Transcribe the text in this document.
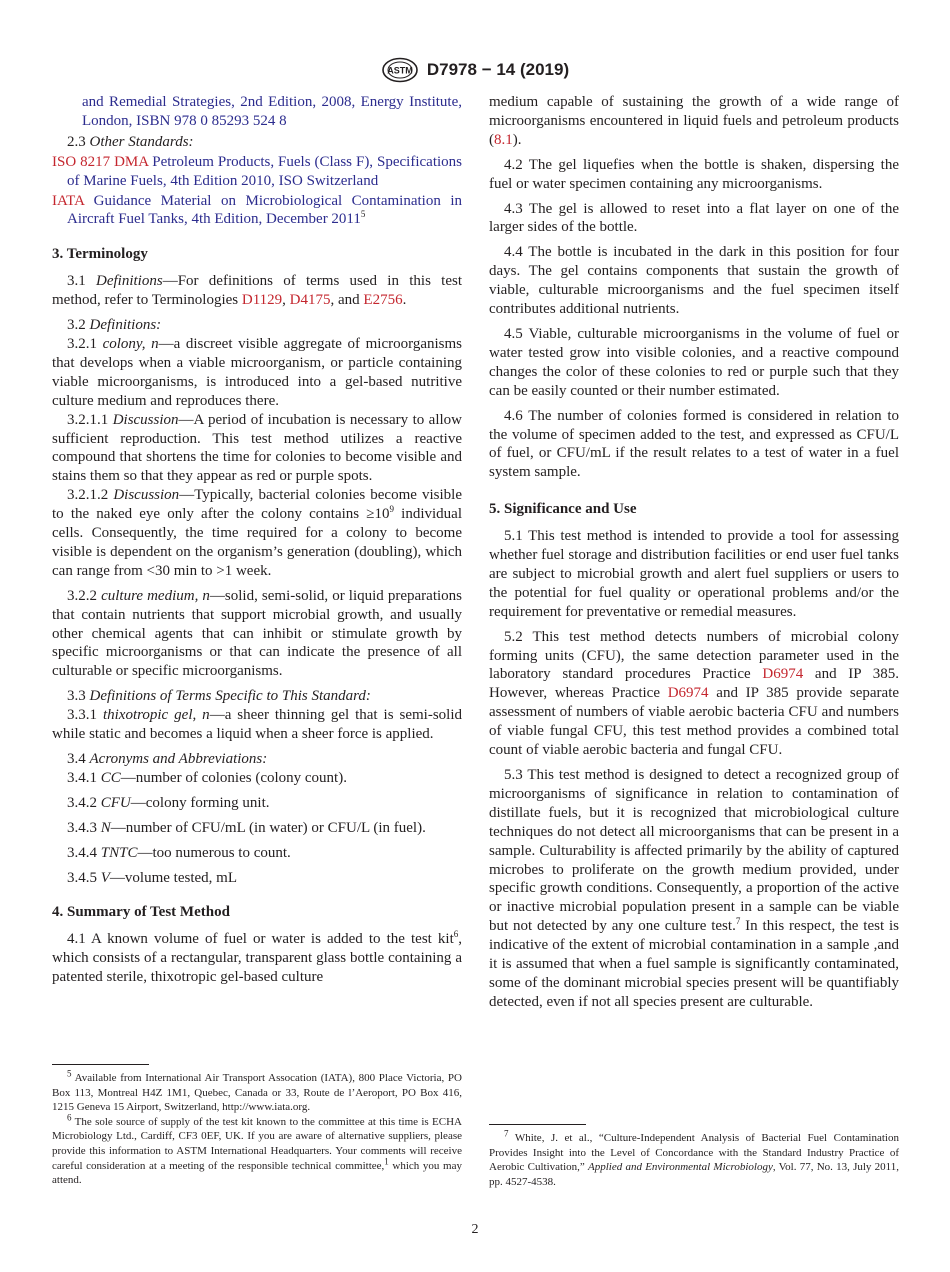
ASTM D7978 − 14 (2019)

and Remedial Strategies, 2nd Edition, 2008, Energy Institute, London, ISBN 978 0 85293 524 8

2.3 Other Standards:

ISO 8217 DMA Petroleum Products, Fuels (Class F), Specifications of Marine Fuels, 4th Edition 2010, ISO Switzerland

IATA Guidance Material on Microbiological Contamination in Aircraft Fuel Tanks, 4th Edition, December 2011$^5$

3. Terminology

3.1 Definitions—For definitions of terms used in this test method, refer to Terminologies D1129, D4175, and E2756.

3.2 Definitions:

3.2.1 colony, n—a discreet visible aggregate of microorganisms that develops when a viable microorganism, or particle containing viable microorganisms, is introduced into a gel-based nutritive culture medium and reproduces there.

3.2.1.1 Discussion—A period of incubation is necessary to allow sufficient reproduction. This test method utilizes a reactive compound that shortens the time for colonies to become visible and stains them so that they appear as red or purple spots.

3.2.1.2 Discussion—Typically, bacterial colonies become visible to the naked eye only after the colony contains $\ge 10^9$ individual cells. Consequently, the time required for a colony to become visible is dependent on the organism’s generation (doubling), which can range from <30 min to >1 week.

3.2.2 culture medium, n—solid, semi-solid, or liquid preparations that contain nutrients that support microbial growth, and usually other chemical agents that can inhibit or stimulate growth by specific microorganisms or that can indicate the presence of all culturable or specific microorganisms.

3.3 Definitions of Terms Specific to This Standard:

3.3.1 thixotropic gel, n—a sheer thinning gel that is semi-solid while static and becomes a liquid when a sheer force is applied.

3.4 Acronyms and Abbreviations:

3.4.1 CC—number of colonies (colony count).

3.4.2 CFU—colony forming unit.

3.4.3 N—number of CFU/mL (in water) or CFU/L (in fuel).

3.4.4 TNTC—too numerous to count.

3.4.5 V—volume tested, mL

4. Summary of Test Method

4.1 A known volume of fuel or water is added to the test kit$^6$, which consists of a rectangular, transparent glass bottle containing a patented sterile, thixotropic gel-based culture

$^5$ Available from International Air Transport Assocation (IATA), 800 Place Victoria, PO Box 113, Montreal H4Z 1M1, Quebec, Canada or 33, Route de l’Aeroport, PO Box 416, 1215 Geneva 15 Airport, Switzerland, http://www.iata.org.

$^6$ The sole source of supply of the test kit known to the committee at this time is ECHA Microbiology Ltd., Cardiff, CF3 0EF, UK. If you are aware of alternative suppliers, please provide this information to ASTM International Headquarters. Your comments will receive careful consideration at a meeting of the responsible technical committee,$^1$ which you may attend.

medium capable of sustaining the growth of a wide range of microorganisms encountered in liquid fuels and petroleum products (8.1).

4.2 The gel liquefies when the bottle is shaken, dispersing the fuel or water specimen containing any microorganisms.

4.3 The gel is allowed to reset into a flat layer on one of the larger sides of the bottle.

4.4 The bottle is incubated in the dark in this position for four days. The gel contains components that sustain the growth of viable, culturable microorganisms and the fuel specimen itself contributes additional nutrients.

4.5 Viable, culturable microorganisms in the volume of fuel or water tested grow into visible colonies, and a reactive compound changes the color of these colonies to red or purple such that they can be easily counted or their number estimated.

4.6 The number of colonies formed is considered in relation to the volume of specimen added to the test, and expressed as CFU/L of fuel, or CFU/mL if the result relates to a test of water in a fuel system sample.

5. Significance and Use

5.1 This test method is intended to provide a tool for assessing whether fuel storage and distribution facilities or end user fuel tanks are subject to microbial growth and alert fuel suppliers or users to the potential for fuel quality or operational problems and/or the requirement for preventative or remedial measures.

5.2 This test method detects numbers of microbial colony forming units (CFU), the same detection parameter used in the laboratory standard procedures Practice D6974 and IP 385. However, whereas Practice D6974 and IP 385 provide separate assessment of numbers of viable aerobic bacteria CFU and numbers of viable fungal CFU, this test method provides a combined total count of viable aerobic bacteria and fungal CFU.

5.3 This test method is designed to detect a recognized group of microorganisms of significance in relation to contamination of distillate fuels, but it is recognized that microbiological culture techniques do not detect all microorganisms that can be present in a sample. Culturability is affected primarily by the ability of captured microbes to proliferate on the growth medium provided, under specific growth conditions. Consequently, a proportion of the active or inactive microbial population present in a sample can be viable but not detected by any one culture test.$^7$ In this respect, the test is indicative of the extent of microbial contamination in a sample ,and it is assumed that when a fuel sample is significantly contaminated, some of the dominant microbial species present will be quantifiably detected, even if not all species present are culturable.

$^7$ White, J. et al., “Culture-Independent Analysis of Bacterial Fuel Contamination Provides Insight into the Level of Concordance with the Standard Industry Practice of Aerobic Cultivation,” Applied and Environmental Microbiology, Vol. 77, No. 13, July 2011, pp. 4527-4538.

2
